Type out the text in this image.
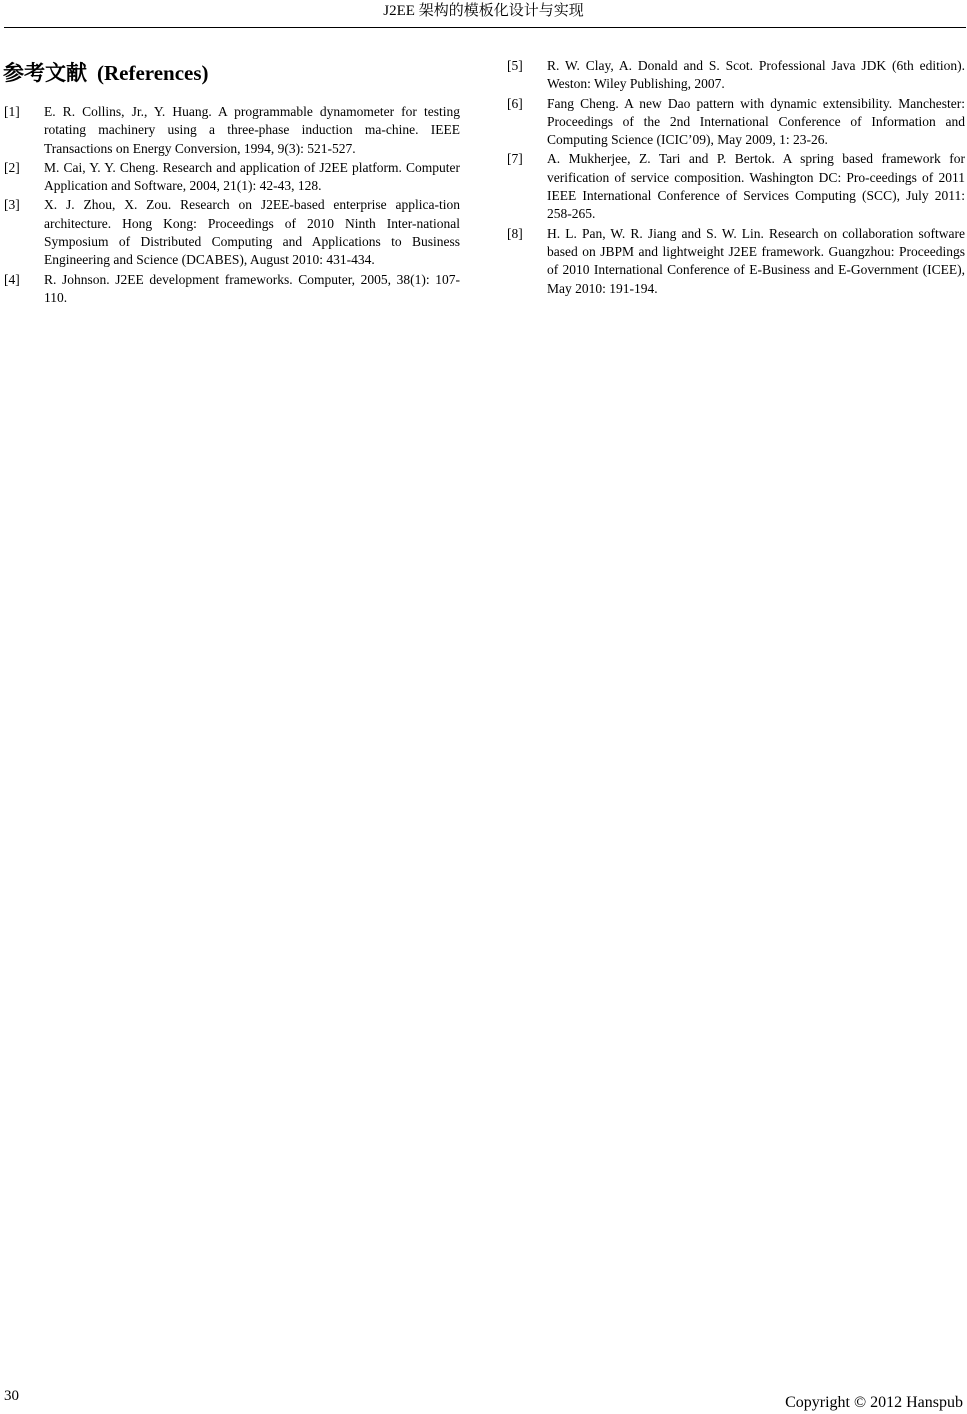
J2EE 架构的模板化设计与实现
参考文献 (References)
[1] E. R. Collins, Jr., Y. Huang. A programmable dynamometer for testing rotating machinery using a three-phase induction ma-chine. IEEE Transactions on Energy Conversion, 1994, 9(3): 521-527.
[2] M. Cai, Y. Y. Cheng. Research and application of J2EE platform. Computer Application and Software, 2004, 21(1): 42-43, 128.
[3] X. J. Zhou, X. Zou. Research on J2EE-based enterprise applica-tion architecture. Hong Kong: Proceedings of 2010 Ninth Inter-national Symposium of Distributed Computing and Applications to Business Engineering and Science (DCABES), August 2010: 431-434.
[4] R. Johnson. J2EE development frameworks. Computer, 2005, 38(1): 107-110.
[5] R. W. Clay, A. Donald and S. Scot. Professional Java JDK (6th edition). Weston: Wiley Publishing, 2007.
[6] Fang Cheng. A new Dao pattern with dynamic extensibility. Manchester: Proceedings of the 2nd International Conference of Information and Computing Science (ICIC’09), May 2009, 1: 23-26.
[7] A. Mukherjee, Z. Tari and P. Bertok. A spring based framework for verification of service composition. Washington DC: Pro-ceedings of 2011 IEEE International Conference of Services Computing (SCC), July 2011: 258-265.
[8] H. L. Pan, W. R. Jiang and S. W. Lin. Research on collaboration software based on JBPM and lightweight J2EE framework. Guangzhou: Proceedings of 2010 International Conference of E-Business and E-Government (ICEE), May 2010: 191-194.
30	Copyright © 2012 Hanspub
